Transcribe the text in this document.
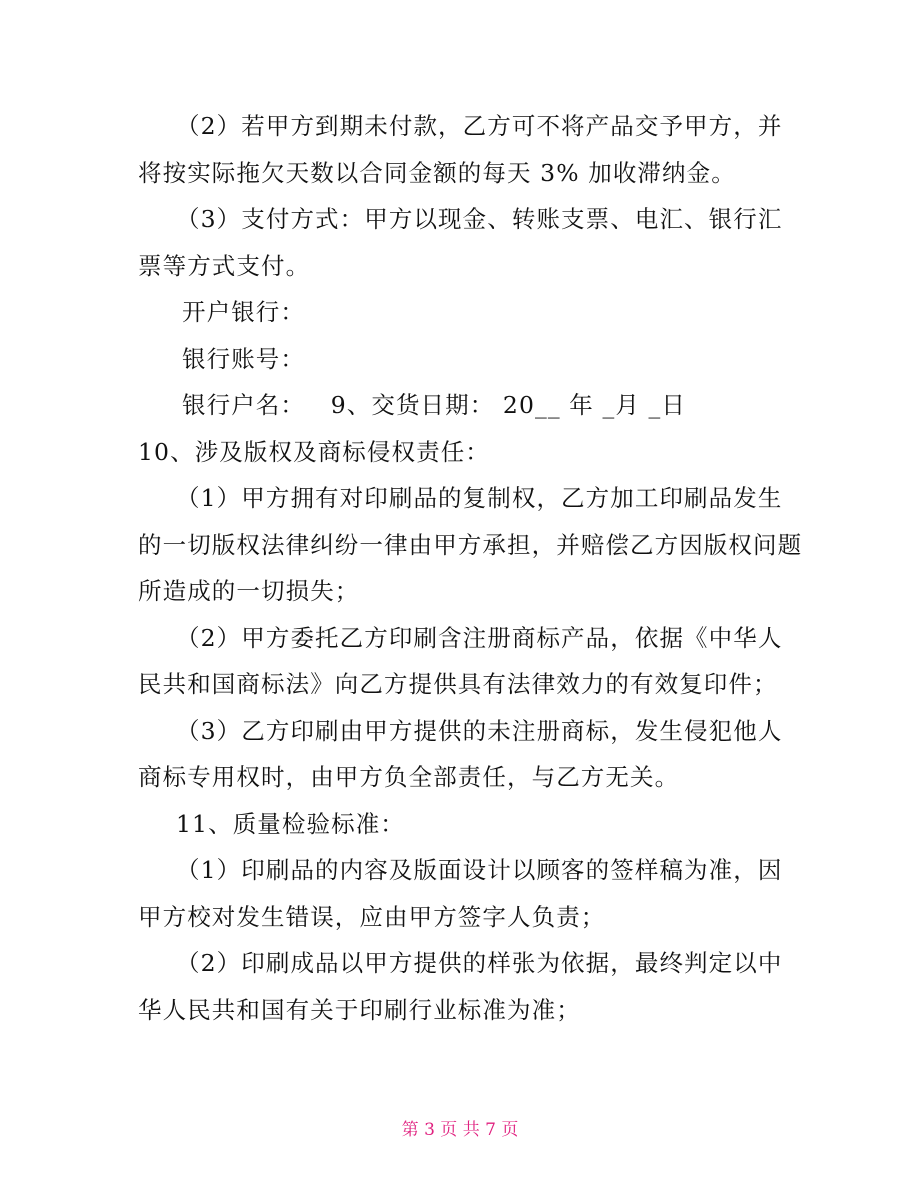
（2）若甲方到期未付款，乙方可不将产品交予甲方，并
将按实际拖欠天数以合同金额的每天 3% 加收滞纳金。
（3）支付方式：甲方以现金、转账支票、电汇、银行汇
票等方式支付。
开户银行：
银行账号：
银行户名：   9、交货日期： 20__ 年 _月 _日
10、涉及版权及商标侵权责任：
（1）甲方拥有对印刷品的复制权，乙方加工印刷品发生
的一切版权法律纠纷一律由甲方承担，并赔偿乙方因版权问题
所造成的一切损失；
（2）甲方委托乙方印刷含注册商标产品，依据《中华人
民共和国商标法》向乙方提供具有法律效力的有效复印件；
（3）乙方印刷由甲方提供的未注册商标，发生侵犯他人
商标专用权时，由甲方负全部责任，与乙方无关。
11、质量检验标准：
（1）印刷品的内容及版面设计以顾客的签样稿为准，因
甲方校对发生错误，应由甲方签字人负责；
（2）印刷成品以甲方提供的样张为依据，最终判定以中
华人民共和国有关于印刷行业标准为准；
第 3 页 共 7 页
